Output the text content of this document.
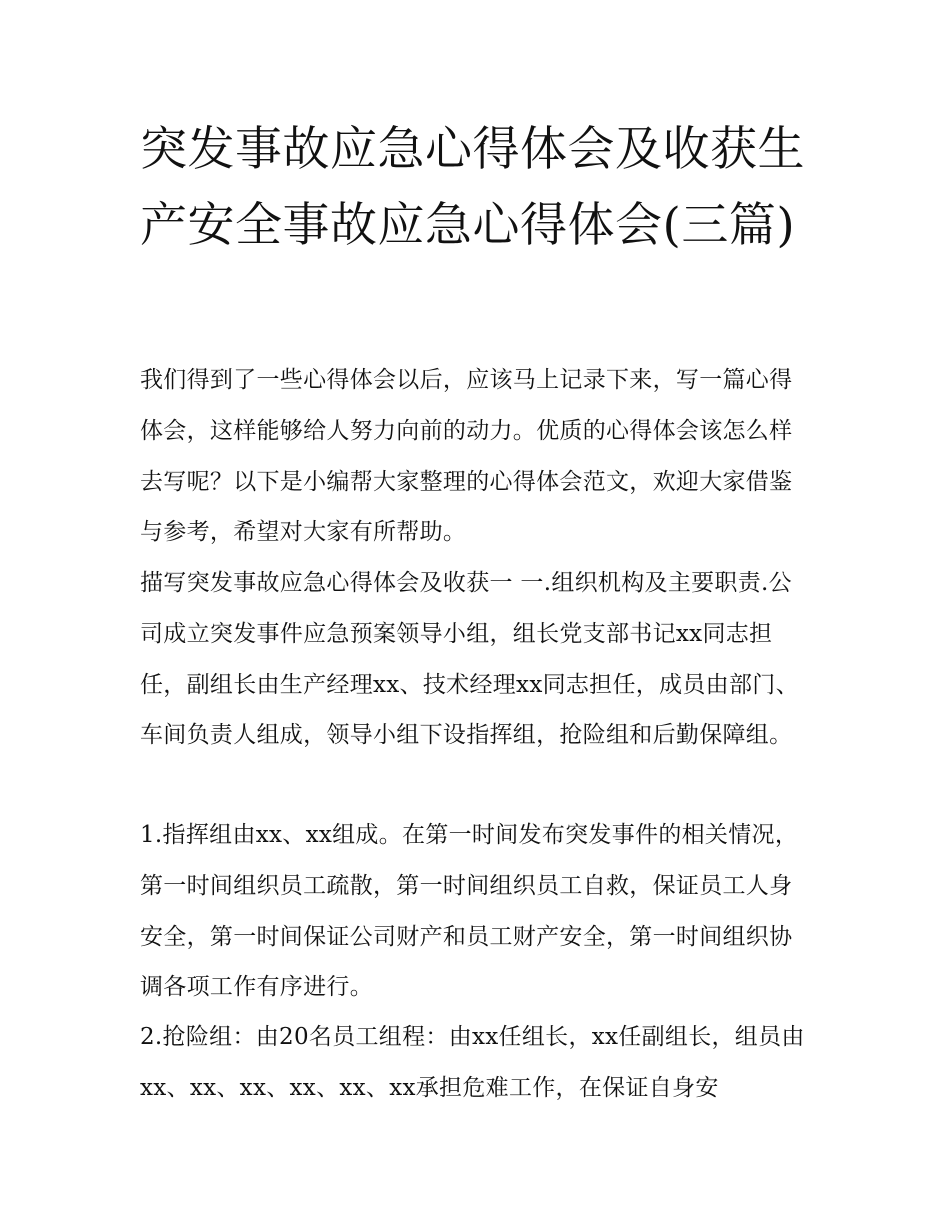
突发事故应急心得体会及收获生产安全事故应急心得体会(三篇)

我们得到了一些心得体会以后，应该马上记录下来，写一篇心得体会，这样能够给人努力向前的动力。优质的心得体会该怎么样去写呢？以下是小编帮大家整理的心得体会范文，欢迎大家借鉴与参考，希望对大家有所帮助。

描写突发事故应急心得体会及收获一 一.组织机构及主要职责.公司成立突发事件应急预案领导小组，组长党支部书记xx同志担任，副组长由生产经理xx、技术经理xx同志担任，成员由部门、车间负责人组成，领导小组下设指挥组，抢险组和后勤保障组。

1.指挥组由xx、xx组成。在第一时间发布突发事件的相关情况，第一时间组织员工疏散，第一时间组织员工自救，保证员工人身安全，第一时间保证公司财产和员工财产安全，第一时间组织协调各项工作有序进行。

2.抢险组：由20名员工组程：由xx任组长，xx任副组长，组员由xx、xx、xx、xx、xx、xx承担危难工作，在保证自身安
